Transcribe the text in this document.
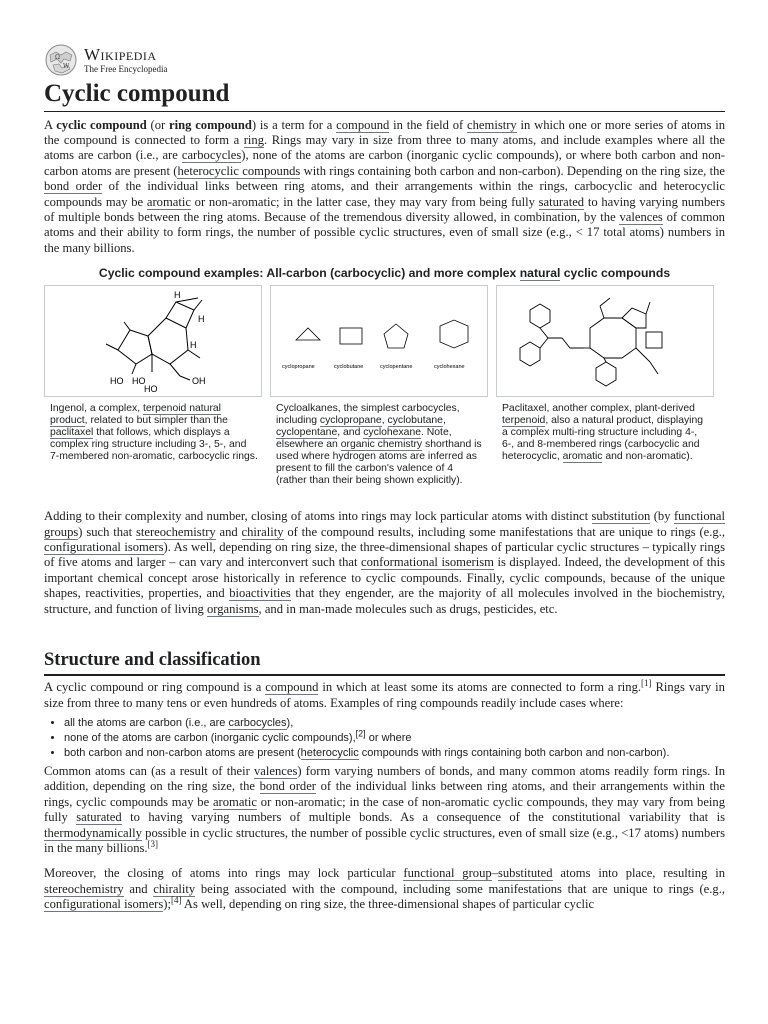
Ω
W
Wikipedia
The Free Encyclopedia
Cyclic compound

A cyclic compound (or ring compound) is a term for a compound in the field of chemistry in which one or more series of atoms in the compound is connected to form a ring. Rings may vary in size from three to many atoms, and include examples where all the atoms are carbon (i.e., are carbocycles), none of the atoms are carbon (inorganic cyclic compounds), or where both carbon and non-carbon atoms are present (heterocyclic compounds with rings containing both carbon and non-carbon). Depending on the ring size, the bond order of the individual links between ring atoms, and their arrangements within the rings, carbocyclic and heterocyclic compounds may be aromatic or non-aromatic; in the latter case, they may vary from being fully saturated to having varying numbers of multiple bonds between the ring atoms. Because of the tremendous diversity allowed, in combination, by the valences of common atoms and their ability to form rings, the number of possible cyclic structures, even of small size (e.g., < 17 total atoms) numbers in the many billions.

Cyclic compound examples: All-carbon (carbocyclic) and more complex natural cyclic compounds
H
H
H
HO HO
HO
OH
Ingenol, a complex, terpenoid natural product, related to but simpler than the paclitaxel that follows, which displays a complex ring structure including 3-, 5-, and 7-membered non-aromatic, carbocyclic rings.
cyclopropane	cyclobutane	cyclopentane	cyclohexane
Cycloalkanes, the simplest carbocycles, including cyclopropane, cyclobutane, cyclopentane, and cyclohexane. Note, elsewhere an organic chemistry shorthand is used where hydrogen atoms are inferred as present to fill the carbon's valence of 4 (rather than their being shown explicitly).
Paclitaxel, another complex, plant-derived terpenoid, also a natural product, displaying a complex multi-ring structure including 4-, 6-, and 8-membered rings (carbocyclic and heterocyclic, aromatic and non-aromatic).

Adding to their complexity and number, closing of atoms into rings may lock particular atoms with distinct substitution (by functional groups) such that stereochemistry and chirality of the compound results, including some manifestations that are unique to rings (e.g., configurational isomers). As well, depending on ring size, the three-dimensional shapes of particular cyclic structures – typically rings of five atoms and larger – can vary and interconvert such that conformational isomerism is displayed. Indeed, the development of this important chemical concept arose historically in reference to cyclic compounds. Finally, cyclic compounds, because of the unique shapes, reactivities, properties, and bioactivities that they engender, are the majority of all molecules involved in the biochemistry, structure, and function of living organisms, and in man-made molecules such as drugs, pesticides, etc.

Structure and classification

A cyclic compound or ring compound is a compound in which at least some its atoms are connected to form a ring.[1] Rings vary in size from three to many tens or even hundreds of atoms. Examples of ring compounds readily include cases where:

• all the atoms are carbon (i.e., are carbocycles),
• none of the atoms are carbon (inorganic cyclic compounds),[2] or where
• both carbon and non-carbon atoms are present (heterocyclic compounds with rings containing both carbon and non-carbon).

Common atoms can (as a result of their valences) form varying numbers of bonds, and many common atoms readily form rings. In addition, depending on the ring size, the bond order of the individual links between ring atoms, and their arrangements within the rings, cyclic compounds may be aromatic or non-aromatic; in the case of non-aromatic cyclic compounds, they may vary from being fully saturated to having varying numbers of multiple bonds. As a consequence of the constitutional variability that is thermodynamically possible in cyclic structures, the number of possible cyclic structures, even of small size (e.g., <17 atoms) numbers in the many billions.[3]

Moreover, the closing of atoms into rings may lock particular functional group–substituted atoms into place, resulting in stereochemistry and chirality being associated with the compound, including some manifestations that are unique to rings (e.g., configurational isomers);[4] As well, depending on ring size, the three-dimensional shapes of particular cyclic
